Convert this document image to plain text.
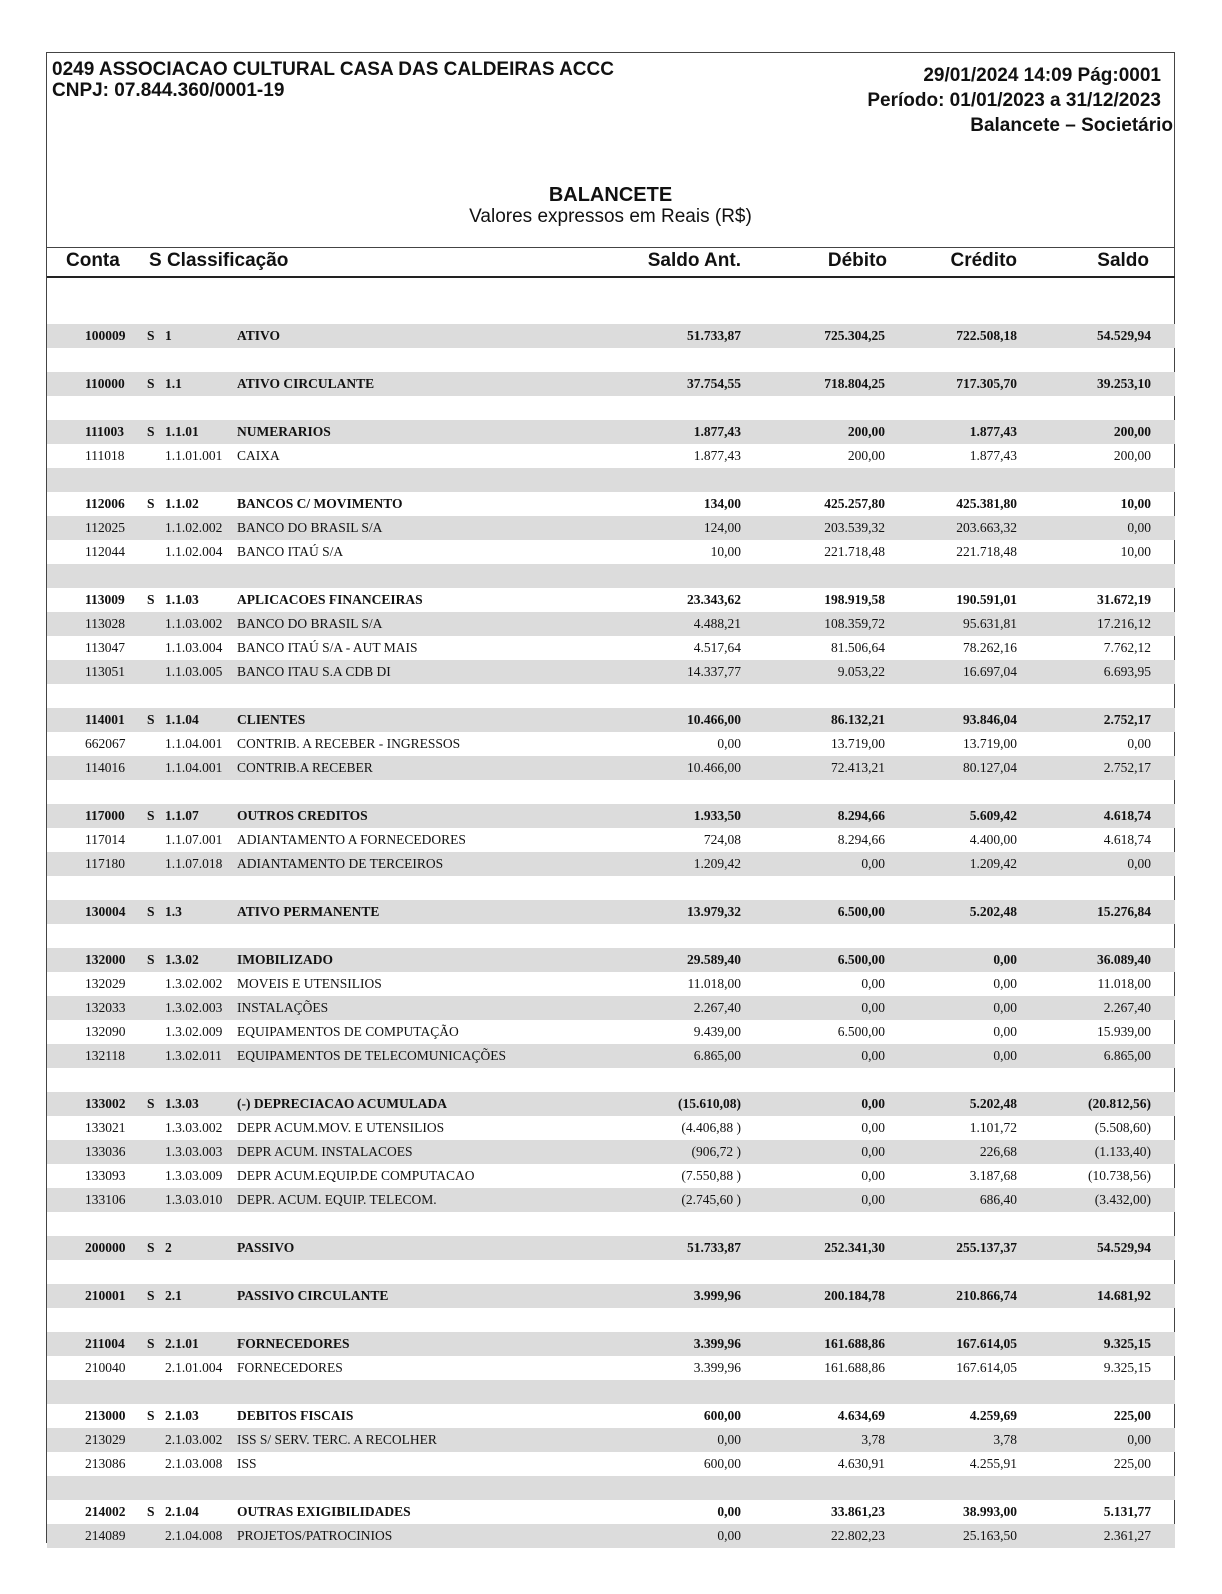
0249 ASSOCIACAO CULTURAL CASA DAS CALDEIRAS ACCC
CNPJ: 07.844.360/0001-19
29/01/2024 14:09 Pág:0001
Período: 01/01/2023 a 31/12/2023
Balancete – Societário
BALANCETE
Valores expressos em Reais (R$)
Conta S Classificação	Saldo Ant.	Débito	Crédito	Saldo
100009 S 1	ATIVO	51.733,87	725.304,25	722.508,18	54.529,94
110000 S 1.1	ATIVO CIRCULANTE	37.754,55	718.804,25	717.305,70	39.253,10
111003 S 1.1.01	NUMERARIOS	1.877,43	200,00	1.877,43	200,00
111018	1.1.01.001 CAIXA	1.877,43	200,00	1.877,43	200,00
112006 S 1.1.02	BANCOS C/ MOVIMENTO	134,00	425.257,80	425.381,80	10,00
112025	1.1.02.002 BANCO DO BRASIL S/A	124,00	203.539,32	203.663,32	0,00
112044	1.1.02.004 BANCO ITAÚ S/A	10,00	221.718,48	221.718,48	10,00
113009 S 1.1.03	APLICACOES FINANCEIRAS	23.343,62	198.919,58	190.591,01	31.672,19
113028	1.1.03.002 BANCO DO BRASIL S/A	4.488,21	108.359,72	95.631,81	17.216,12
113047	1.1.03.004 BANCO ITAÚ S/A - AUT MAIS	4.517,64	81.506,64	78.262,16	7.762,12
113051	1.1.03.005 BANCO ITAU S.A CDB DI	14.337,77	9.053,22	16.697,04	6.693,95
114001 S 1.1.04	CLIENTES	10.466,00	86.132,21	93.846,04	2.752,17
662067	1.1.04.001 CONTRIB. A RECEBER - INGRESSOS	0,00	13.719,00	13.719,00	0,00
114016	1.1.04.001 CONTRIB.A RECEBER	10.466,00	72.413,21	80.127,04	2.752,17
117000 S 1.1.07	OUTROS CREDITOS	1.933,50	8.294,66	5.609,42	4.618,74
117014	1.1.07.001 ADIANTAMENTO A FORNECEDORES	724,08	8.294,66	4.400,00	4.618,74
117180	1.1.07.018 ADIANTAMENTO DE TERCEIROS	1.209,42	0,00	1.209,42	0,00
130004 S 1.3	ATIVO PERMANENTE	13.979,32	6.500,00	5.202,48	15.276,84
132000 S 1.3.02	IMOBILIZADO	29.589,40	6.500,00	0,00	36.089,40
132029	1.3.02.002 MOVEIS E UTENSILIOS	11.018,00	0,00	0,00	11.018,00
132033	1.3.02.003 INSTALAÇÕES	2.267,40	0,00	0,00	2.267,40
132090	1.3.02.009 EQUIPAMENTOS DE COMPUTAÇÃO	9.439,00	6.500,00	0,00	15.939,00
132118	1.3.02.011 EQUIPAMENTOS DE TELECOMUNICAÇÕES	6.865,00	0,00	0,00	6.865,00
133002 S 1.3.03	(-) DEPRECIACAO ACUMULADA	(15.610,08)	0,00	5.202,48	(20.812,56)
133021	1.3.03.002 DEPR ACUM.MOV. E UTENSILIOS	(4.406,88 )	0,00	1.101,72	(5.508,60)
133036	1.3.03.003 DEPR ACUM. INSTALACOES	(906,72 )	0,00	226,68	(1.133,40)
133093	1.3.03.009 DEPR ACUM.EQUIP.DE COMPUTACAO	(7.550,88 )	0,00	3.187,68	(10.738,56)
133106	1.3.03.010 DEPR. ACUM. EQUIP. TELECOM.	(2.745,60 )	0,00	686,40	(3.432,00)
200000 S 2	PASSIVO	51.733,87	252.341,30	255.137,37	54.529,94
210001 S 2.1	PASSIVO CIRCULANTE	3.999,96	200.184,78	210.866,74	14.681,92
211004 S 2.1.01	FORNECEDORES	3.399,96	161.688,86	167.614,05	9.325,15
210040	2.1.01.004 FORNECEDORES	3.399,96	161.688,86	167.614,05	9.325,15
213000 S 2.1.03	DEBITOS FISCAIS	600,00	4.634,69	4.259,69	225,00
213029	2.1.03.002 ISS S/ SERV. TERC. A RECOLHER	0,00	3,78	3,78	0,00
213086	2.1.03.008 ISS	600,00	4.630,91	4.255,91	225,00
214002 S 2.1.04	OUTRAS EXIGIBILIDADES	0,00	33.861,23	38.993,00	5.131,77
214089	2.1.04.008 PROJETOS/PATROCINIOS	0,00	22.802,23	25.163,50	2.361,27
